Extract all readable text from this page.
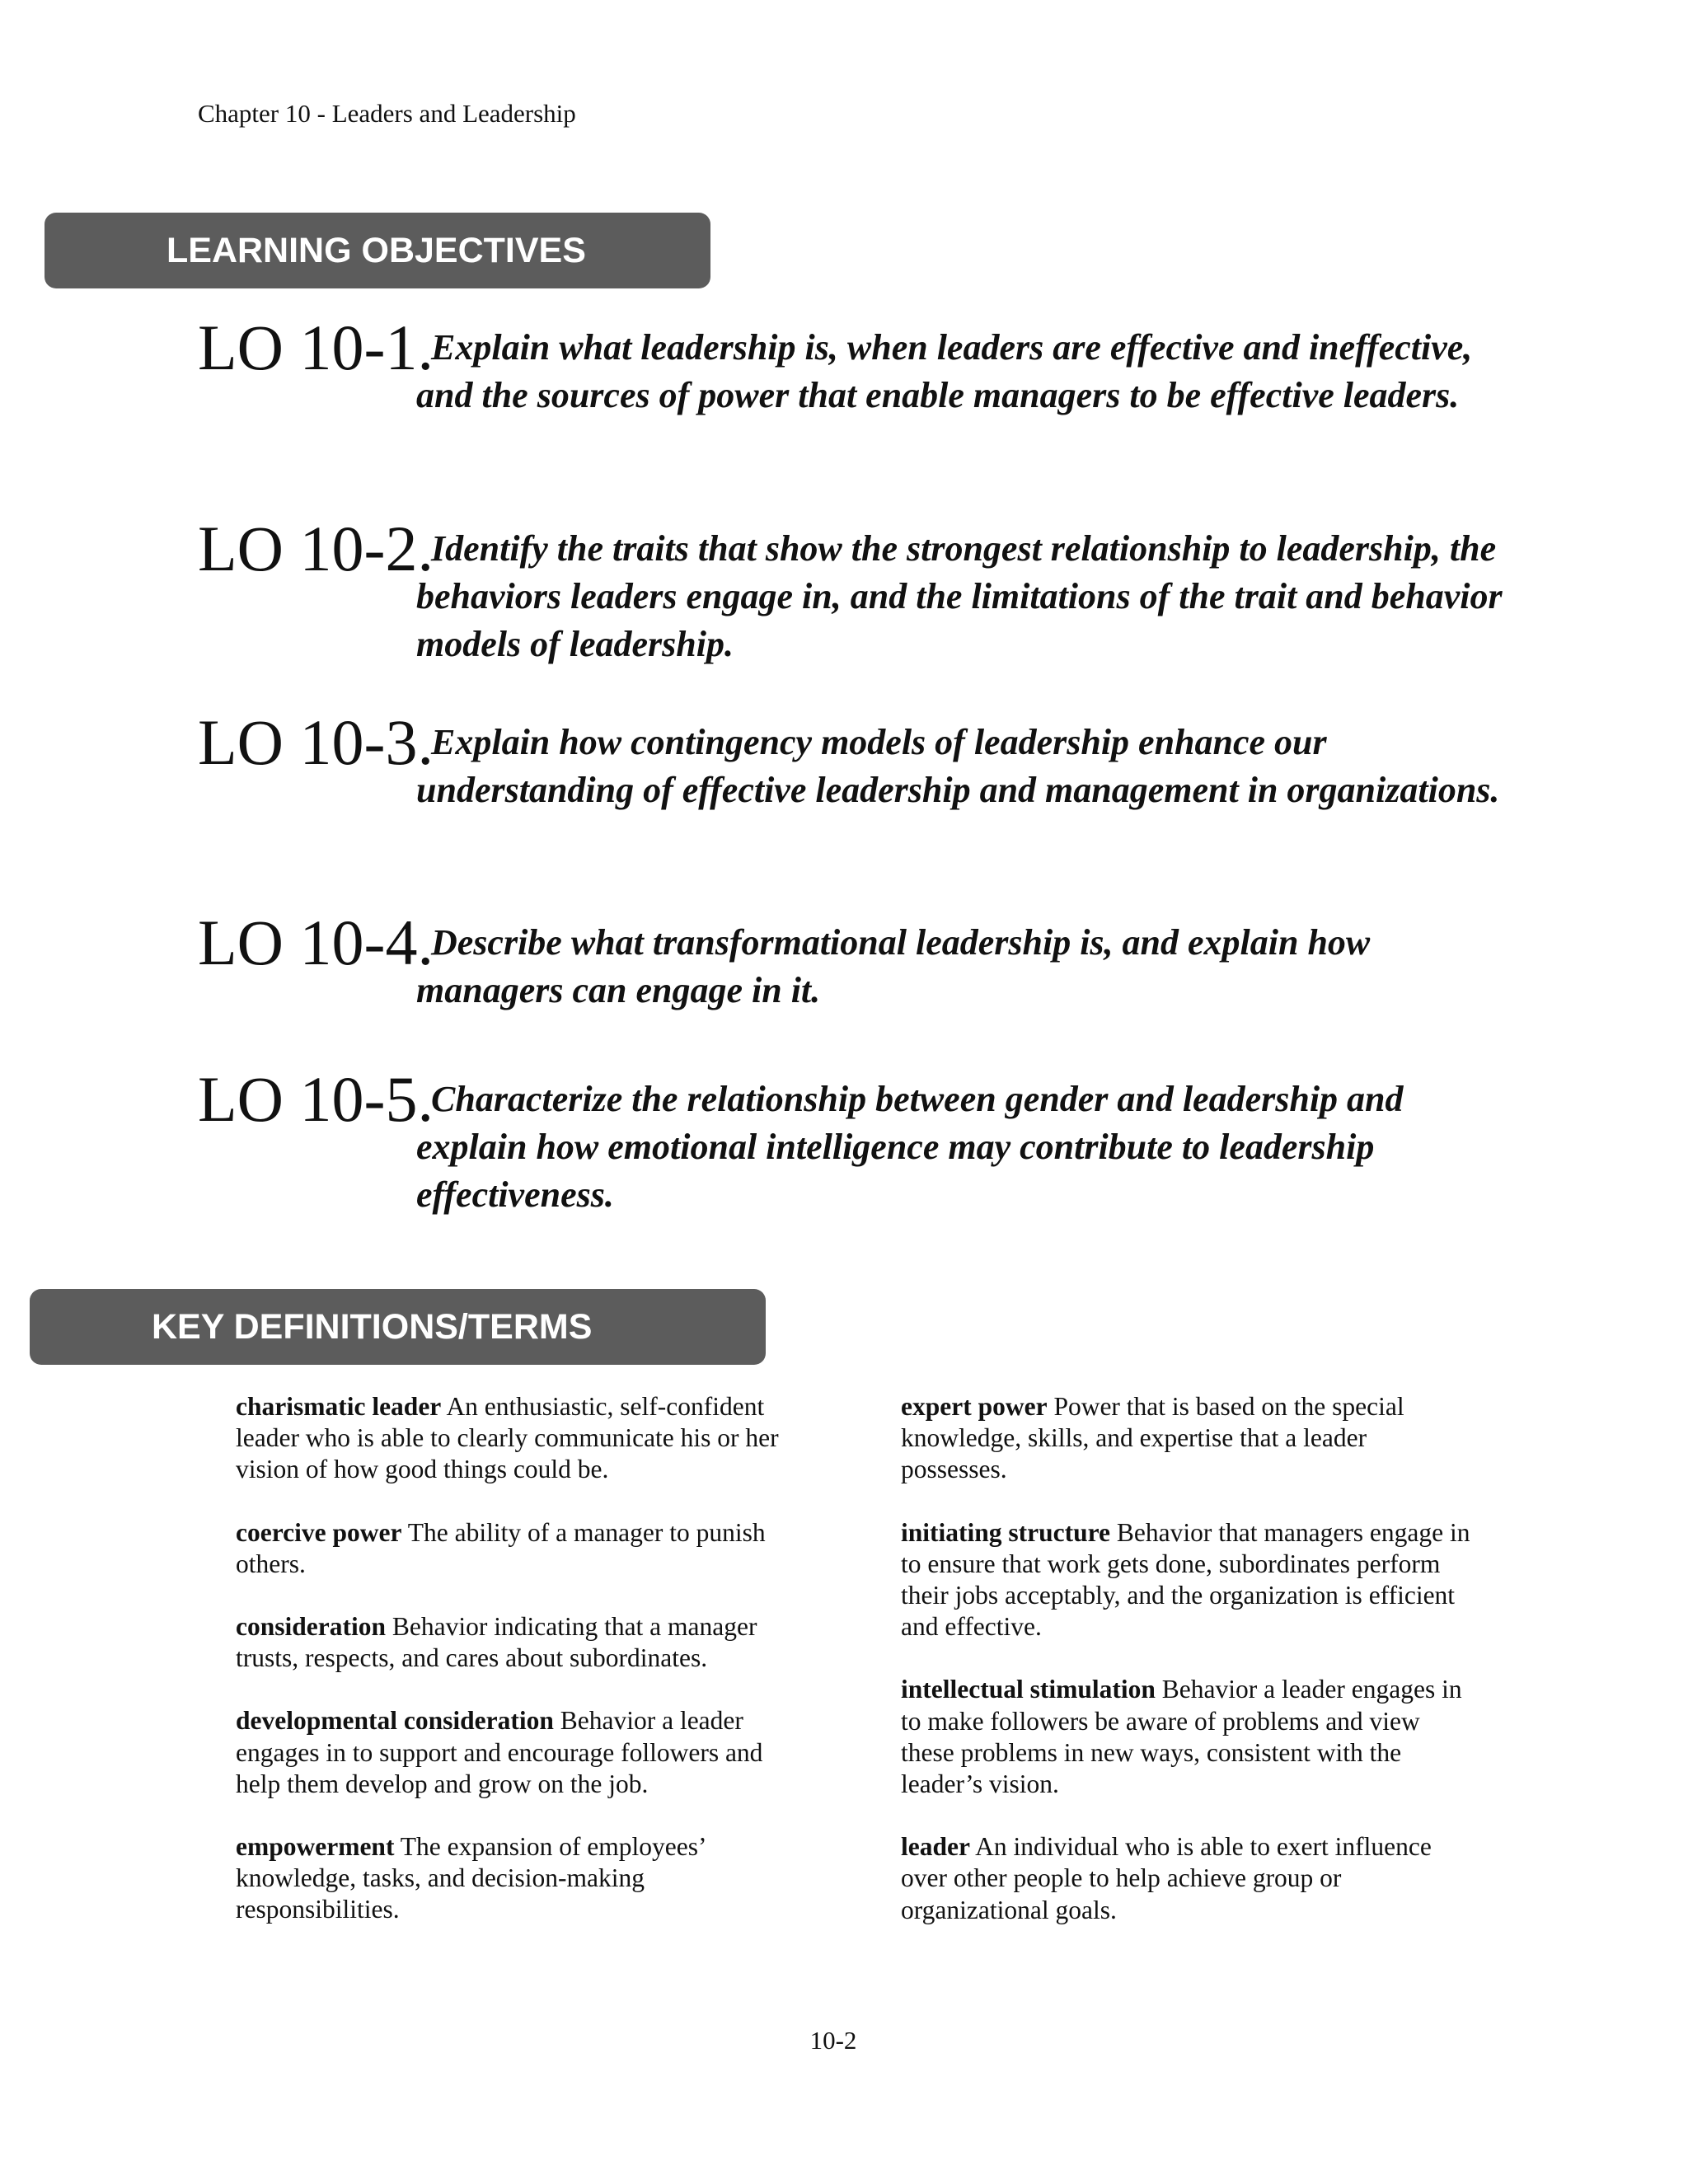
Chapter 10 - Leaders and Leadership
LEARNING OBJECTIVES
LO 10-1.
Explain what leadership is, when leaders are effective and ineffective, and the sources of power that enable managers to be effective leaders.
LO 10-2.
Identify the traits that show the strongest relationship to leadership, the behaviors leaders engage in, and the limitations of the trait and behavior models of leadership.
LO 10-3.
Explain how contingency models of leadership enhance our understanding of effective leadership and management in organizations.
LO 10-4.
Describe what transformational leadership is, and explain how managers can engage in it.
LO 10-5.
Characterize the relationship between gender and leadership and explain how emotional intelligence may contribute to leadership effectiveness.
KEY DEFINITIONS/TERMS

charismatic leader An enthusiastic, self-confident leader who is able to clearly communicate his or her vision of how good things could be.

coercive power The ability of a manager to punish others.

consideration Behavior indicating that a manager trusts, respects, and cares about subordinates.

developmental consideration Behavior a leader engages in to support and encourage followers and help them develop and grow on the job.

empowerment The expansion of employees’ knowledge, tasks, and decision-making responsibilities.

expert power Power that is based on the special knowledge, skills, and expertise that a leader possesses.

initiating structure Behavior that managers engage in to ensure that work gets done, subordinates perform their jobs acceptably, and the organization is efficient and effective.

intellectual stimulation Behavior a leader engages in to make followers be aware of problems and view these problems in new ways, consistent with the leader’s vision.

leader An individual who is able to exert influence over other people to help achieve group or organizational goals.

10-2
